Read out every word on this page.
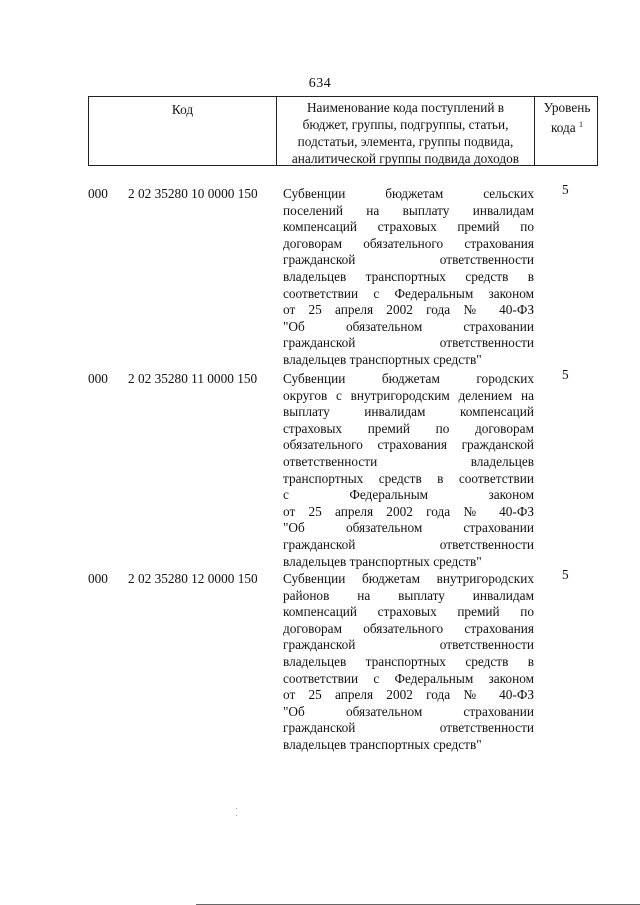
634
Код	Наименование кода поступлений в
бюджет, группы, подгруппы, статьи,
подстатьи, элемента, группы подвида,
аналитической группы подвида доходов
Уровень
кода $^1$
000 2 02 35280 10 0000 150 Субвенции бюджетам сельских
поселений на выплату инвалидам
компенсаций страховых премий по
договорам обязательного страхования
гражданской ответственности
владельцев транспортных средств в
соответствии с Федеральным законом
от 25 апреля 2002 года № 40-ФЗ
"Об обязательном страховании
гражданской ответственности
владельцев транспортных средств"
5
000 2 02 35280 11 0000 150 Субвенции бюджетам городских
округов с внутригородским делением на
выплату инвалидам компенсаций
страховых премий по договорам
обязательного страхования гражданской
ответственности владельцев
транспортных средств в соответствии
с Федеральным законом
от 25 апреля 2002 года № 40-ФЗ
"Об обязательном страховании
гражданской ответственности
владельцев транспортных средств"
5
000 2 02 35280 12 0000 150 Субвенции бюджетам внутригородских
районов на выплату инвалидам
компенсаций страховых премий по
договорам обязательного страхования
гражданской ответственности
владельцев транспортных средств в
соответствии с Федеральным законом
от 25 апреля 2002 года № 40-ФЗ
"Об обязательном страховании
гражданской ответственности
владельцев транспортных средств"
5
